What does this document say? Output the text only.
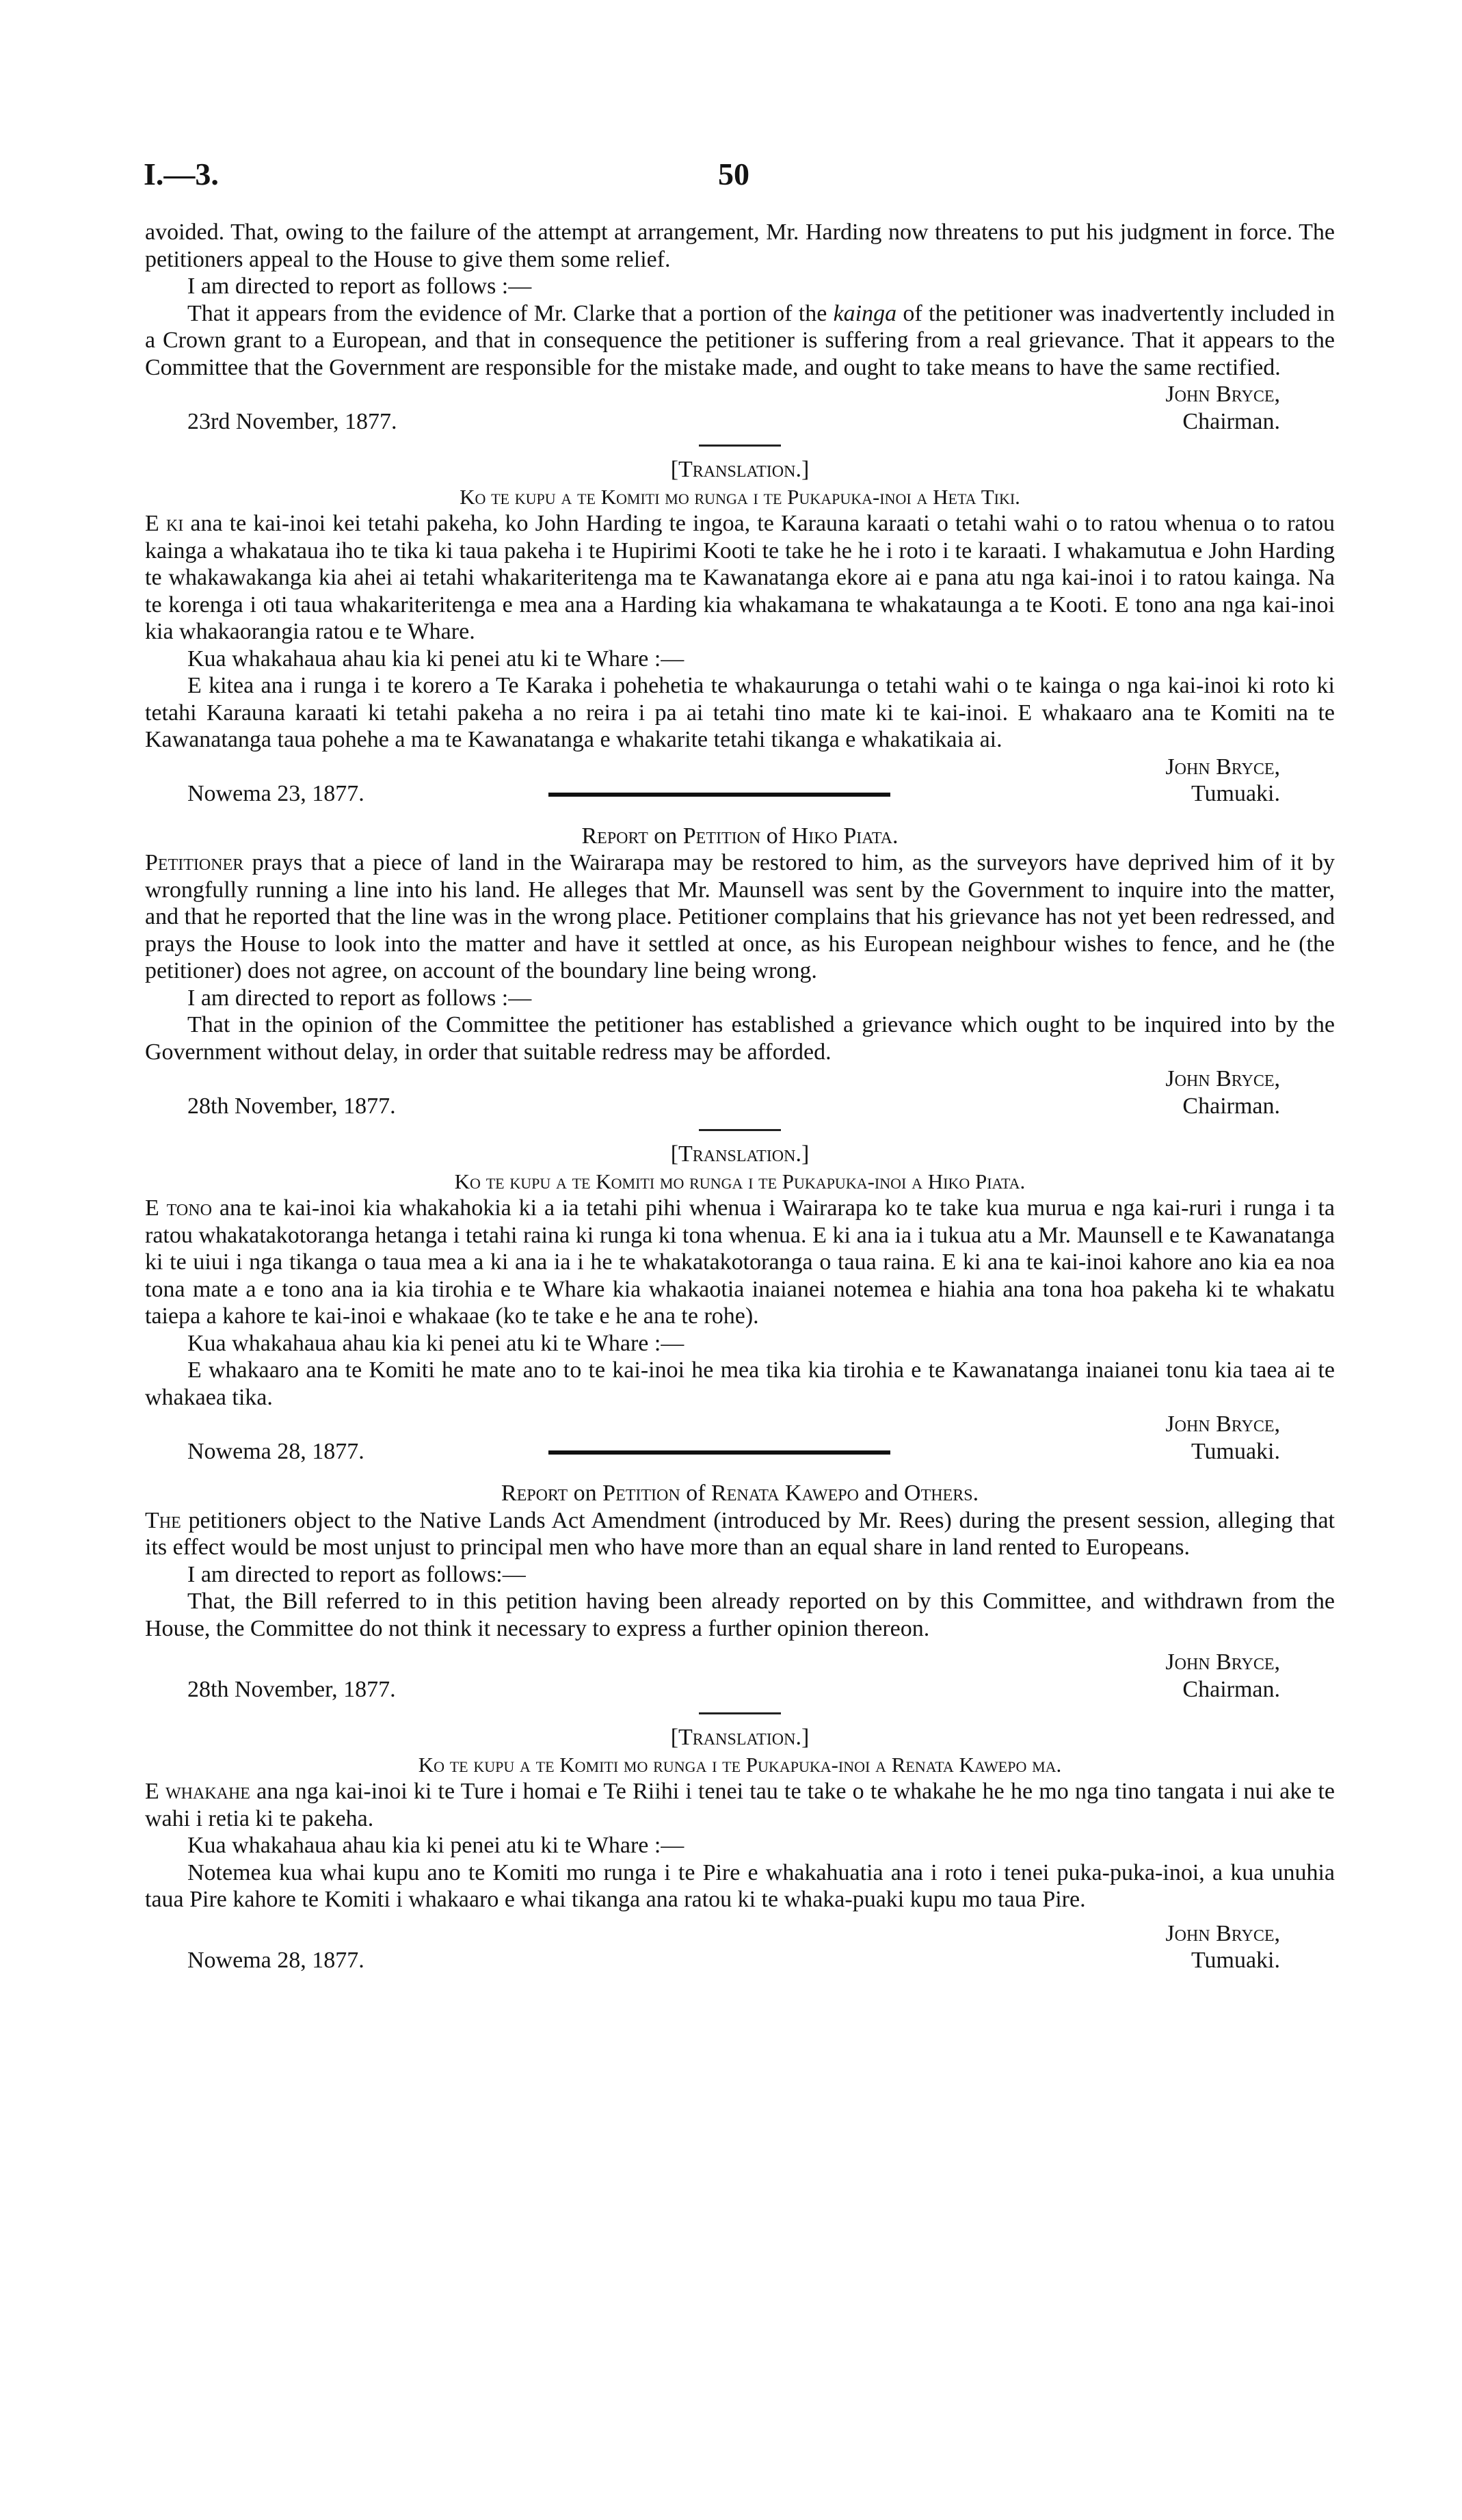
I.—3.	50

avoided. That, owing to the failure of the attempt at arrangement, Mr. Harding now threatens to put his judgment in force. The petitioners appeal to the House to give them some relief.

I am directed to report as follows :—

That it appears from the evidence of Mr. Clarke that a portion of the kainga of the petitioner was inadvertently included in a Crown grant to a European, and that in consequence the petitioner is suffering from a real grievance. That it appears to the Committee that the Government are responsible for the mistake made, and ought to take means to have the same rectified.

John Bryce,
23rd November, 1877.	Chairman.

[Translation.]

Ko te kupu a te Komiti mo runga i te Pukapuka-inoi a Heta Tiki.

E ki ana te kai-inoi kei tetahi pakeha, ko John Harding te ingoa, te Karauna karaati o tetahi wahi o to ratou whenua o to ratou kainga a whakataua iho te tika ki taua pakeha i te Hupirimi Kooti te take he he i roto i te karaati. I whakamutua e John Harding te whakawakanga kia ahei ai tetahi whakariteritenga ma te Kawanatanga ekore ai e pana atu nga kai-inoi i to ratou kainga. Na te korenga i oti taua whakariteritenga e mea ana a Harding kia whakamana te whakataunga a te Kooti. E tono ana nga kai-inoi kia whakaorangia ratou e te Whare.

Kua whakahaua ahau kia ki penei atu ki te Whare :—

E kitea ana i runga i te korero a Te Karaka i pohehetia te whakaurunga o tetahi wahi o te kainga o nga kai-inoi ki roto ki tetahi Karauna karaati ki tetahi pakeha a no reira i pa ai tetahi tino mate ki te kai-inoi. E whakaaro ana te Komiti na te Kawanatanga taua pohehe a ma te Kawanatanga e whakarite tetahi tikanga e whakatikaia ai.

John Bryce,
Nowema 23, 1877.	Tumuaki.

Report on Petition of Hiko Piata.

Petitioner prays that a piece of land in the Wairarapa may be restored to him, as the surveyors have deprived him of it by wrongfully running a line into his land. He alleges that Mr. Maunsell was sent by the Government to inquire into the matter, and that he reported that the line was in the wrong place. Petitioner complains that his grievance has not yet been redressed, and prays the House to look into the matter and have it settled at once, as his European neighbour wishes to fence, and he (the petitioner) does not agree, on account of the boundary line being wrong.

I am directed to report as follows :—

That in the opinion of the Committee the petitioner has established a grievance which ought to be inquired into by the Government without delay, in order that suitable redress may be afforded.

John Bryce,
28th November, 1877.	Chairman.

[Translation.]

Ko te kupu a te Komiti mo runga i te Pukapuka-inoi a Hiko Piata.

E tono ana te kai-inoi kia whakahokia ki a ia tetahi pihi whenua i Wairarapa ko te take kua murua e nga kai-ruri i runga i ta ratou whakatakotoranga hetanga i tetahi raina ki runga ki tona whenua. E ki ana ia i tukua atu a Mr. Maunsell e te Kawanatanga ki te uiui i nga tikanga o taua mea a ki ana ia i he te whakatakotoranga o taua raina. E ki ana te kai-inoi kahore ano kia ea noa tona mate a e tono ana ia kia tirohia e te Whare kia whakaotia inaianei notemea e hiahia ana tona hoa pakeha ki te whakatu taiepa a kahore te kai-inoi e whakaae (ko te take e he ana te rohe).

Kua whakahaua ahau kia ki penei atu ki te Whare :—

E whakaaro ana te Komiti he mate ano to te kai-inoi he mea tika kia tirohia e te Kawanatanga inaianei tonu kia taea ai te whakaea tika.

John Bryce,
Nowema 28, 1877.	Tumuaki.

Report on Petition of Renata Kawepo and Others.

The petitioners object to the Native Lands Act Amendment (introduced by Mr. Rees) during the present session, alleging that its effect would be most unjust to principal men who have more than an equal share in land rented to Europeans.

I am directed to report as follows:—

That, the Bill referred to in this petition having been already reported on by this Committee, and withdrawn from the House, the Committee do not think it necessary to express a further opinion thereon.

John Bryce,
28th November, 1877.	Chairman.

[Translation.]

Ko te kupu a te Komiti mo runga i te Pukapuka-inoi a Renata Kawepo ma.

E whakahe ana nga kai-inoi ki te Ture i homai e Te Riihi i tenei tau te take o te whakahe he he mo nga tino tangata i nui ake te wahi i retia ki te pakeha.

Kua whakahaua ahau kia ki penei atu ki te Whare :—

Notemea kua whai kupu ano te Komiti mo runga i te Pire e whakahuatia ana i roto i tenei puka-puka-inoi, a kua unuhia taua Pire kahore te Komiti i whakaaro e whai tikanga ana ratou ki te whaka-puaki kupu mo taua Pire.

John Bryce,
Nowema 28, 1877.	Tumuaki.
